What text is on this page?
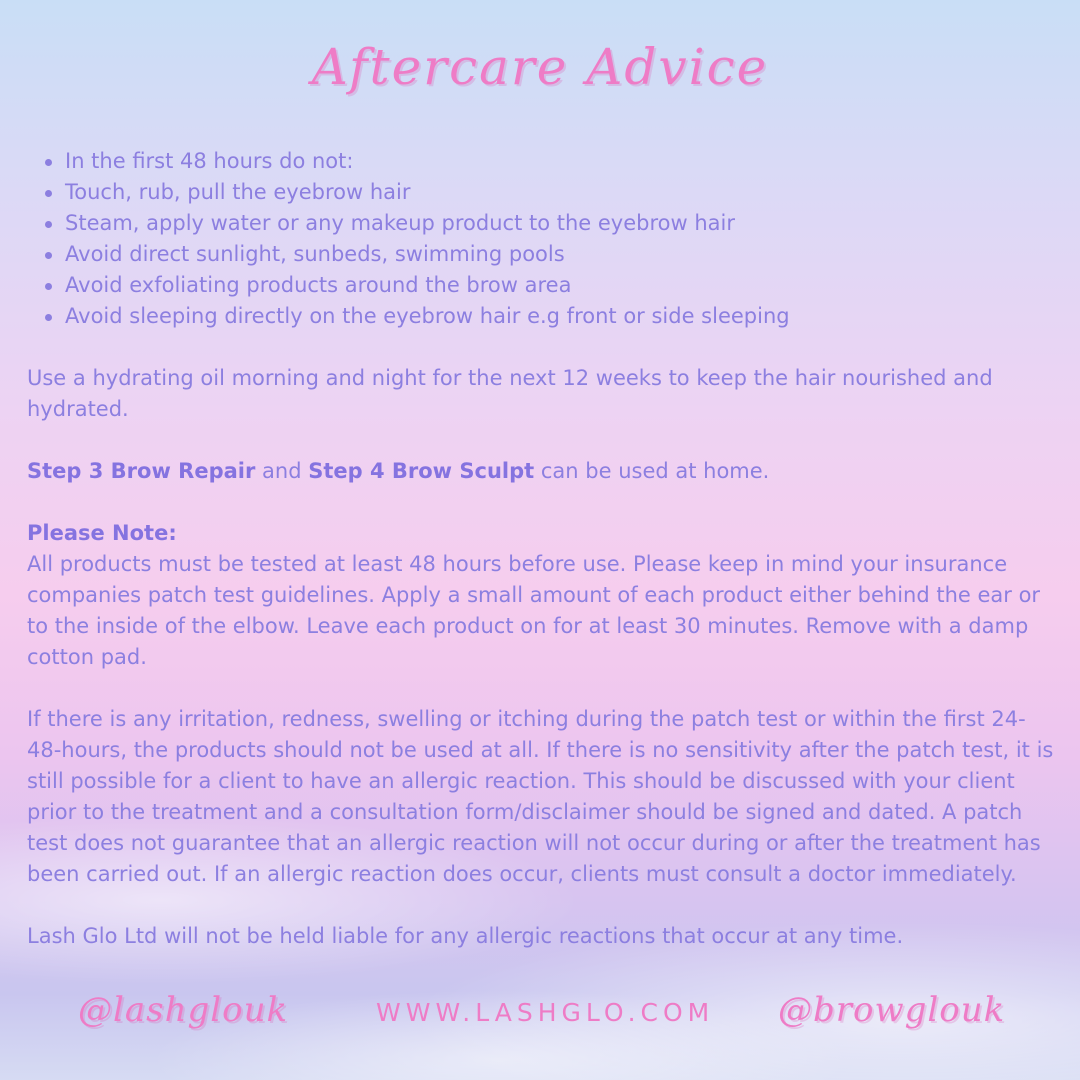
Aftercare Advice
In the first 48 hours do not:
Touch, rub, pull the eyebrow hair
Steam, apply water or any makeup product to the eyebrow hair
Avoid direct sunlight, sunbeds, swimming pools
Avoid exfoliating products around the brow area
Avoid sleeping directly on the eyebrow hair e.g front or side sleeping

Use a hydrating oil morning and night for the next 12 weeks to keep the hair nourished and hydrated.

Step 3 Brow Repair and Step 4 Brow Sculpt can be used at home.

Please Note:

All products must be tested at least 48 hours before use. Please keep in mind your insurance companies patch test guidelines. Apply a small amount of each product either behind the ear or to the inside of the elbow. Leave each product on for at least 30 minutes. Remove with a damp cotton pad.

If there is any irritation, redness, swelling or itching during the patch test or within the first 24-48-hours, the products should not be used at all. If there is no sensitivity after the patch test, it is still possible for a client to have an allergic reaction. This should be discussed with your client prior to the treatment and a consultation form/disclaimer should be signed and dated. A patch test does not guarantee that an allergic reaction will not occur during or after the treatment has been carried out. If an allergic reaction does occur, clients must consult a doctor immediately.

Lash Glo Ltd will not be held liable for any allergic reactions that occur at any time.

@lashglouk	WWW.LASHGLO.COM @browglouk
